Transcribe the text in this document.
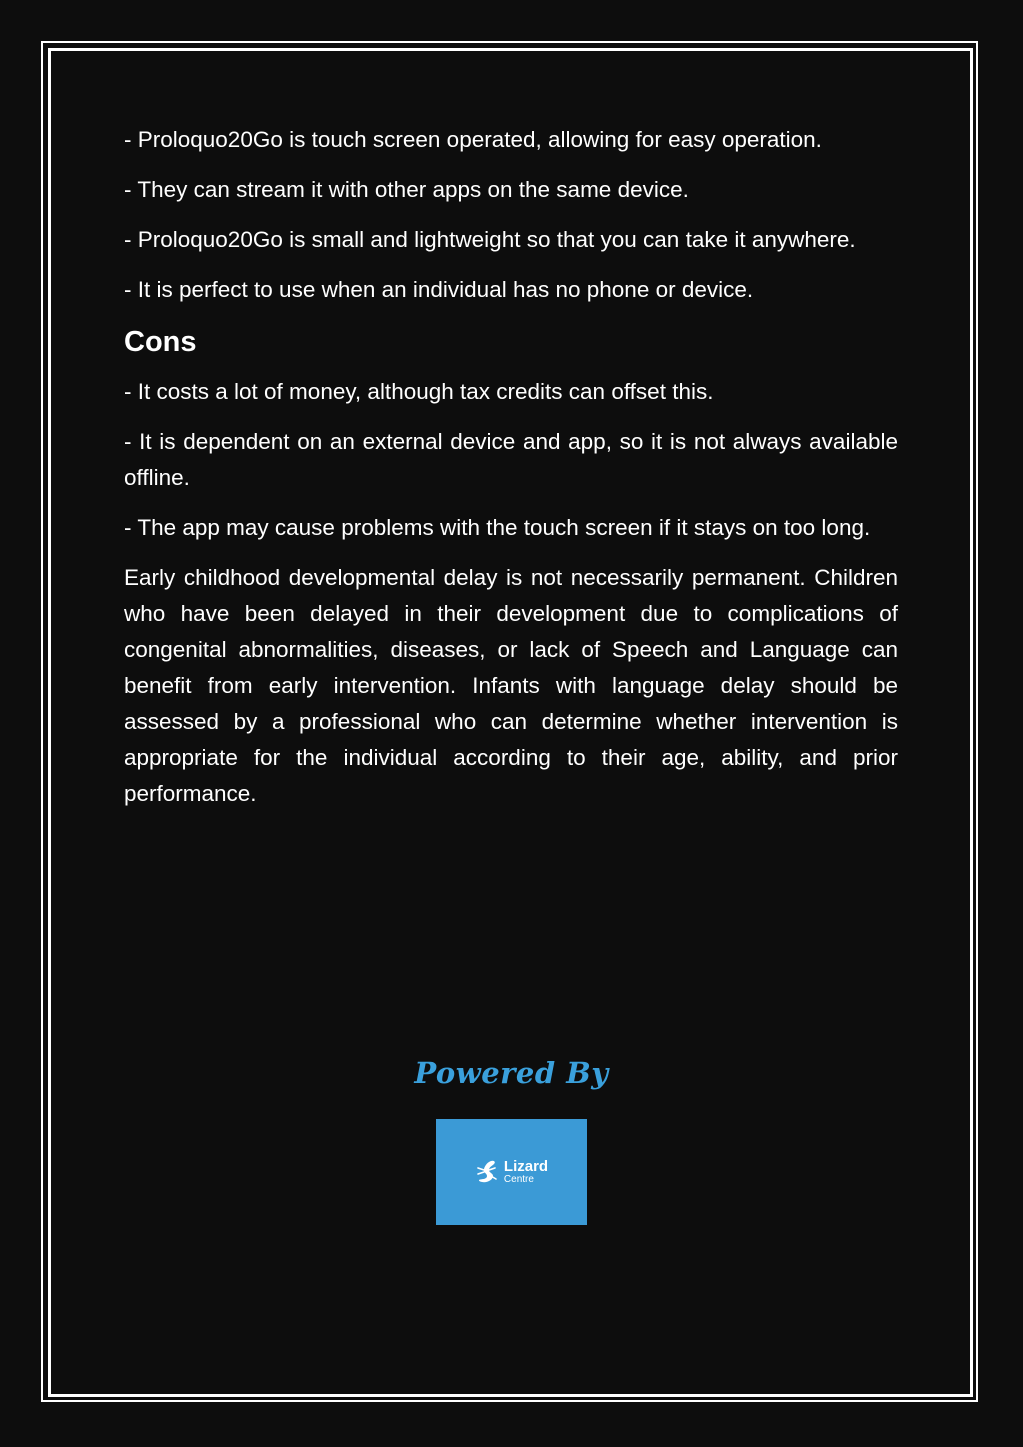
- Proloquo20Go is touch screen operated, allowing for easy operation.

- They can stream it with other apps on the same device.

- Proloquo20Go is small and lightweight so that you can take it anywhere.

- It is perfect to use when an individual has no phone or device.

Cons

- It costs a lot of money, although tax credits can offset this.

- It is dependent on an external device and app, so it is not always available offline.

- The app may cause problems with the touch screen if it stays on too long.

Early childhood developmental delay is not necessarily permanent. Children who have been delayed in their development due to complications of congenital abnormalities, diseases, or lack of Speech and Language can benefit from early intervention. Infants with language delay should be assessed by a professional who can determine whether intervention is appropriate for the individual according to their age, ability, and prior performance.

Powered By
Lizard
Centre
